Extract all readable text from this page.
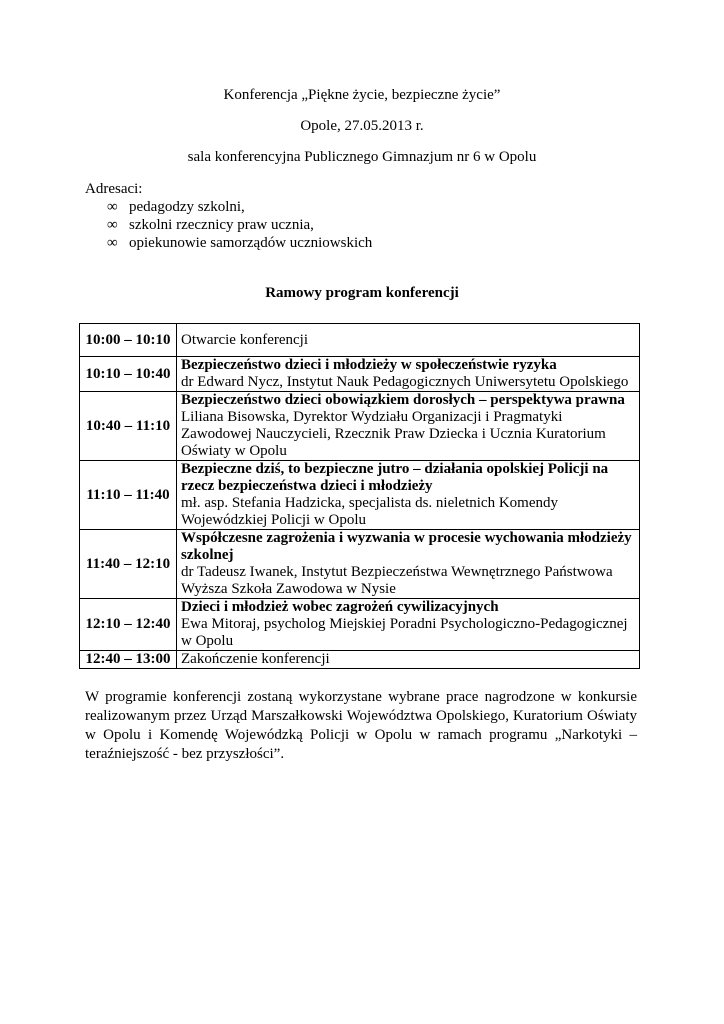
Konferencja „Piękne życie, bezpieczne życie”
Opole, 27.05.2013 r.
sala konferencyjna Publicznego Gimnazjum nr 6 w Opolu
Adresaci:
∞ pedagodzy szkolni,
∞ szkolni rzecznicy praw ucznia,
∞ opiekunowie samorządów uczniowskich
Ramowy program konferencji
10:00 – 10:10	Otwarcie konferencji

10:10 – 10:40	Bezpieczeństwo dzieci i młodzieży w społeczeństwie ryzyka
dr Edward Nycz, Instytut Nauk Pedagogicznych Uniwersytetu Opolskiego

10:40 – 11:10	Bezpieczeństwo dzieci obowiązkiem dorosłych – perspektywa prawna
Liliana Bisowska, Dyrektor Wydziału Organizacji i Pragmatyki Zawodowej Nauczycieli, Rzecznik Praw Dziecka i Ucznia Kuratorium Oświaty w Opolu

11:10 – 11:40	Bezpieczne dziś, to bezpieczne jutro – działania opolskiej Policji na rzecz bezpieczeństwa dzieci i młodzieży
mł. asp. Stefania Hadzicka, specjalista ds. nieletnich Komendy Wojewódzkiej Policji w Opolu

11:40 – 12:10	Współczesne zagrożenia i wyzwania w procesie wychowania młodzieży szkolnej
dr Tadeusz Iwanek, Instytut Bezpieczeństwa Wewnętrznego Państwowa Wyższa Szkoła Zawodowa w Nysie

12:10 – 12:40	Dzieci i młodzież wobec zagrożeń cywilizacyjnych
Ewa Mitoraj, psycholog Miejskiej Poradni Psychologiczno-Pedagogicznej w Opolu

12:40 – 13:00	Zakończenie konferencji
W programie konferencji zostaną wykorzystane wybrane prace nagrodzone w konkursie realizowanym przez Urząd Marszałkowski Województwa Opolskiego, Kuratorium Oświaty w Opolu i Komendę Wojewódzką Policji w Opolu w ramach programu „Narkotyki – teraźniejszość - bez przyszłości”.
